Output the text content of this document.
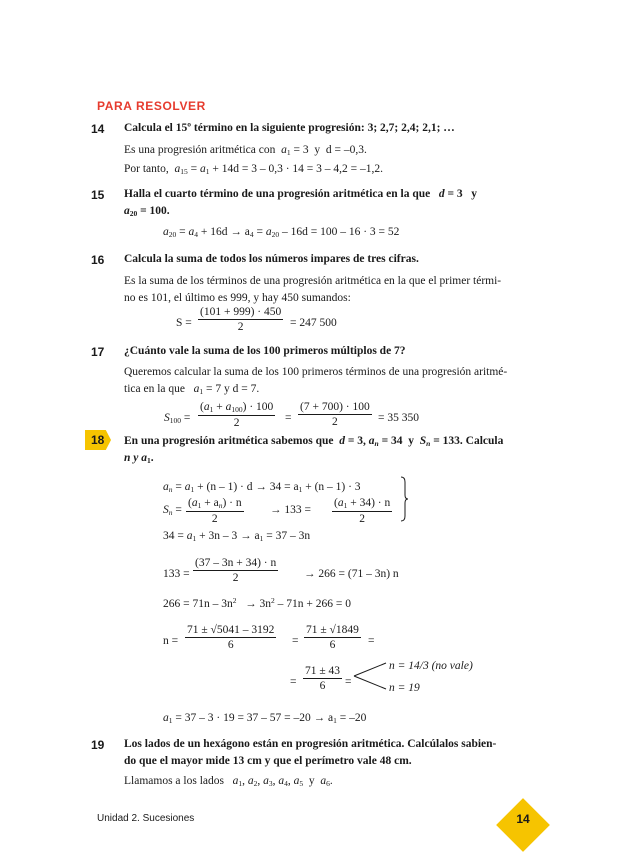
PARA RESOLVER
14 Calcula el 15º término en la siguiente progresión: 3; 2,7; 2,4; 2,1; …
Es una progresión aritmética con $a_1 = 3$  y  d = –0,3.
Por tanto, $a_{15} = a_1 + 14d = 3 - 0,3 \cdot 14 = 3 - 4,2 = -1,2$.
15 Halla el cuarto término de una progresión aritmética en la que d = 3   y
$a_{20} = 100$.
$a_{20} = a_4 + 16d \to a_4 = a_{20} - 16d = 100 - 16 \cdot 3 = 52$
16 Calcula la suma de todos los números impares de tres cifras.
Es la suma de los términos de una progresión aritmética en la que el primer térmi-
no es 101, el último es 999, y hay 450 sumandos:
$S = \frac{(101 + 999) \cdot 450}{2} = 247$ 500
17 ¿Cuánto vale la suma de los 100 primeros múltiplos de 7?
Queremos calcular la suma de los 100 primeros términos de una progresión aritmé-
tica en la que $a_1 = 7$ y d = 7.
$S_{100} = \frac{(a_1 + a_{100}) \cdot 100}{2} = \frac{(7 + 700) \cdot 100}{2} = 35$ 350
18 En una progresión aritmética sabemos que d = 3, $a_n = 34$  y  $S_n = 133$. Calcula
n y $a_1$.
$a_n = a_1 + (n - 1) \cdot d \to 34 = a_1 + (n - 1) \cdot 3$
$S_n = \frac{(a_1 + a_n) \cdot n}{2} \to 133 = \frac{(a_1 + 34) \cdot n}{2}$
$34 = a_1 + 3n - 3 \to a_1 = 37 - 3n$
$133 = \frac{(37 - 3n + 34) \cdot n}{2} \to 266 = (71 - 3n)$ n
$266 = 71n - 3n^2 \to 3n^2 - 71n + 266 = 0$
$n = \frac{71 \pm √5041 - 3192}{6} = \frac{71 \pm √1849}{6}$ =
= $\frac{71 \pm 43}{6}$ =
n = 14/3 (no vale)
n = 19
$a_1 = 37 - 3 \cdot 19 = 37 - 57 = -20 \to a_1 = -20$
19 Los lados de un hexágono están en progresión aritmética. Calcúlalos sabien-
do que el mayor mide 13 cm y que el perímetro vale 48 cm.
Llamamos a los lados $a_1$, $a_2$, $a_3$, $a_4$, $a_5$  y  $a_6$.
Unidad 2. Sucesiones	14
